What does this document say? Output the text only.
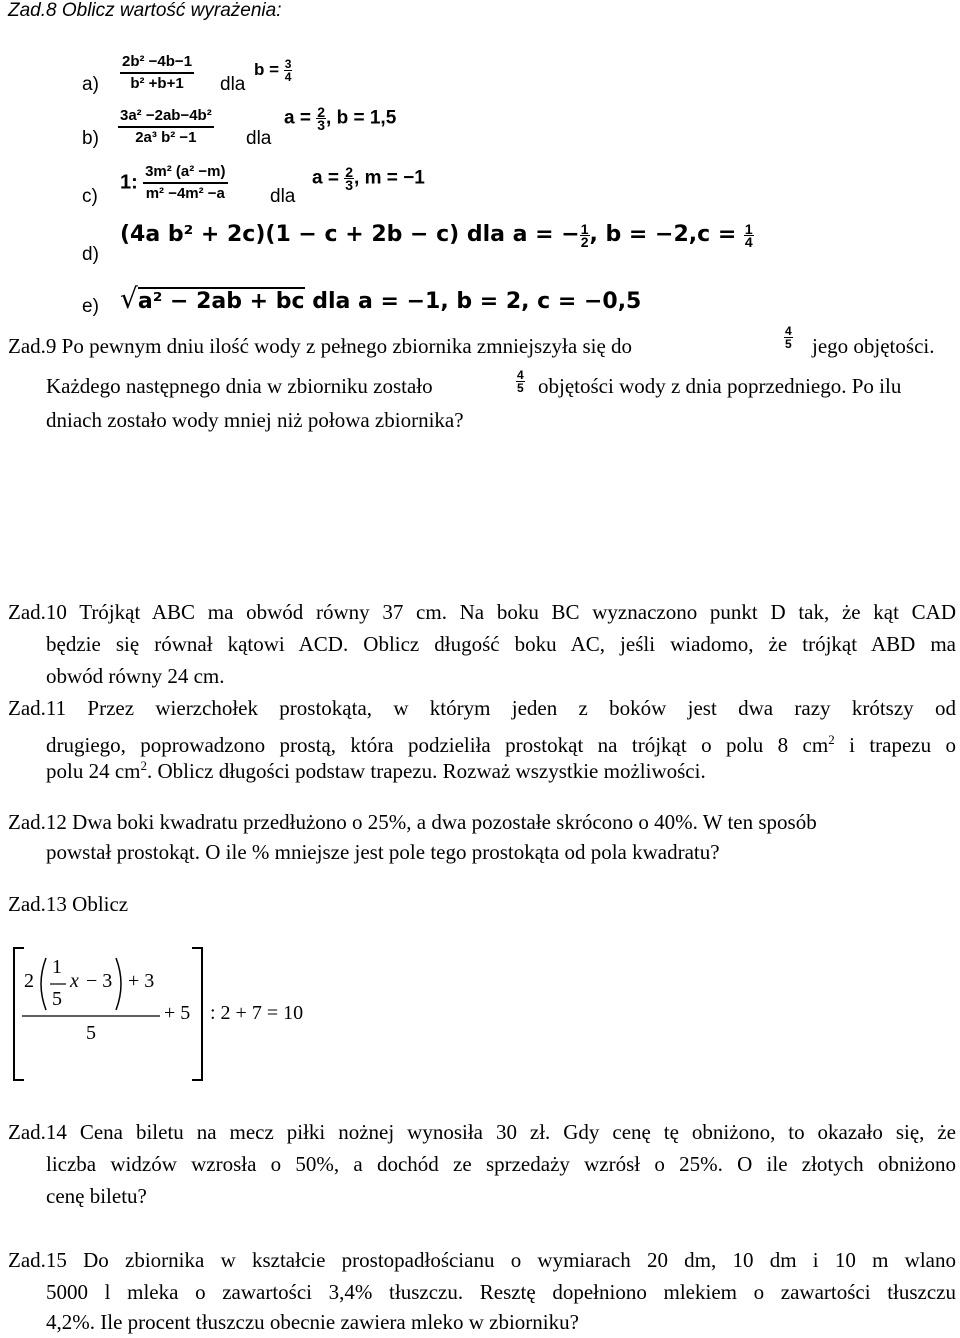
Zad.8 Oblicz wartość wyrażenia:
$a) \frac{\text{2b² −4b−1}}{\text{b² +b+1}}$ dla
$b = \frac{3}{4}$
$b) \frac{\text{3a² −2ab−4b²}}{\text{2a³ b² −1}}$ dla
$a = \frac{2}{3}$ , b = 1,5
c)
1: $\frac{\text{3m² (a² −m)}}{\text{m² −4m² −a}}$ dla
$a = \frac{2}{3}$ , m = −1
d)
(4a b² + 2c)(1 − c + 2b − c) dla a = − $\frac{1}{2}$ , $b = -2,c = \frac{1}{4}$
e) √a² − 2ab + bc dla a = −1, b = 2, c = −0,5
Zad.9 Po pewnym dniu ilość wody z pełnego zbiornika zmniejszyła się do	$\frac{4}{5}$ jego objętości.
Każdego następnego dnia w zbiorniku zostało	$\frac{4}{5}$ objętości wody z dnia poprzedniego. Po ilu
dniach zostało wody mniej niż połowa zbiornika?
Zad.10 Trójkąt ABC ma obwód równy 37 cm. Na boku BC wyznaczono punkt D tak, że kąt CAD
będzie się równał kątowi ACD. Oblicz długość boku AC, jeśli wiadomo, że trójkąt ABD ma
obwód równy 24 cm.
Zad.11 Przez wierzchołek prostokąta, w którym jeden z boków jest dwa razy krótszy od
drugiego, poprowadzono prostą, która podzieliła prostokąt na trójkąt o polu 8 $cm^2$ i trapezu o
polu 24 $cm^2$. Oblicz długości podstaw trapezu. Rozważ wszystkie możliwości.
Zad.12 Dwa boki kwadratu przedłużono o 25%, a dwa pozostałe skrócono o 40%. W ten sposób
powstał prostokąt. O ile % mniejsze jest pole tego prostokąta od pola kwadratu?
Zad.13 Oblicz
2
1
5
x − 3 + 3
5
+ 5 : 2 + 7 = 10
Zad.14 Cena biletu na mecz piłki nożnej wynosiła 30 zł. Gdy cenę tę obniżono, to okazało się, że
liczba widzów wzrosła o 50%, a dochód ze sprzedaży wzrósł o 25%. O ile złotych obniżono
cenę biletu?
Zad.15 Do zbiornika w kształcie prostopadłościanu o wymiarach 20 dm, 10 dm i 10 m wlano
5000 l mleka o zawartości 3,4% tłuszczu. Resztę dopełniono mlekiem o zawartości tłuszczu
4,2%. Ile procent tłuszczu obecnie zawiera mleko w zbiorniku?
